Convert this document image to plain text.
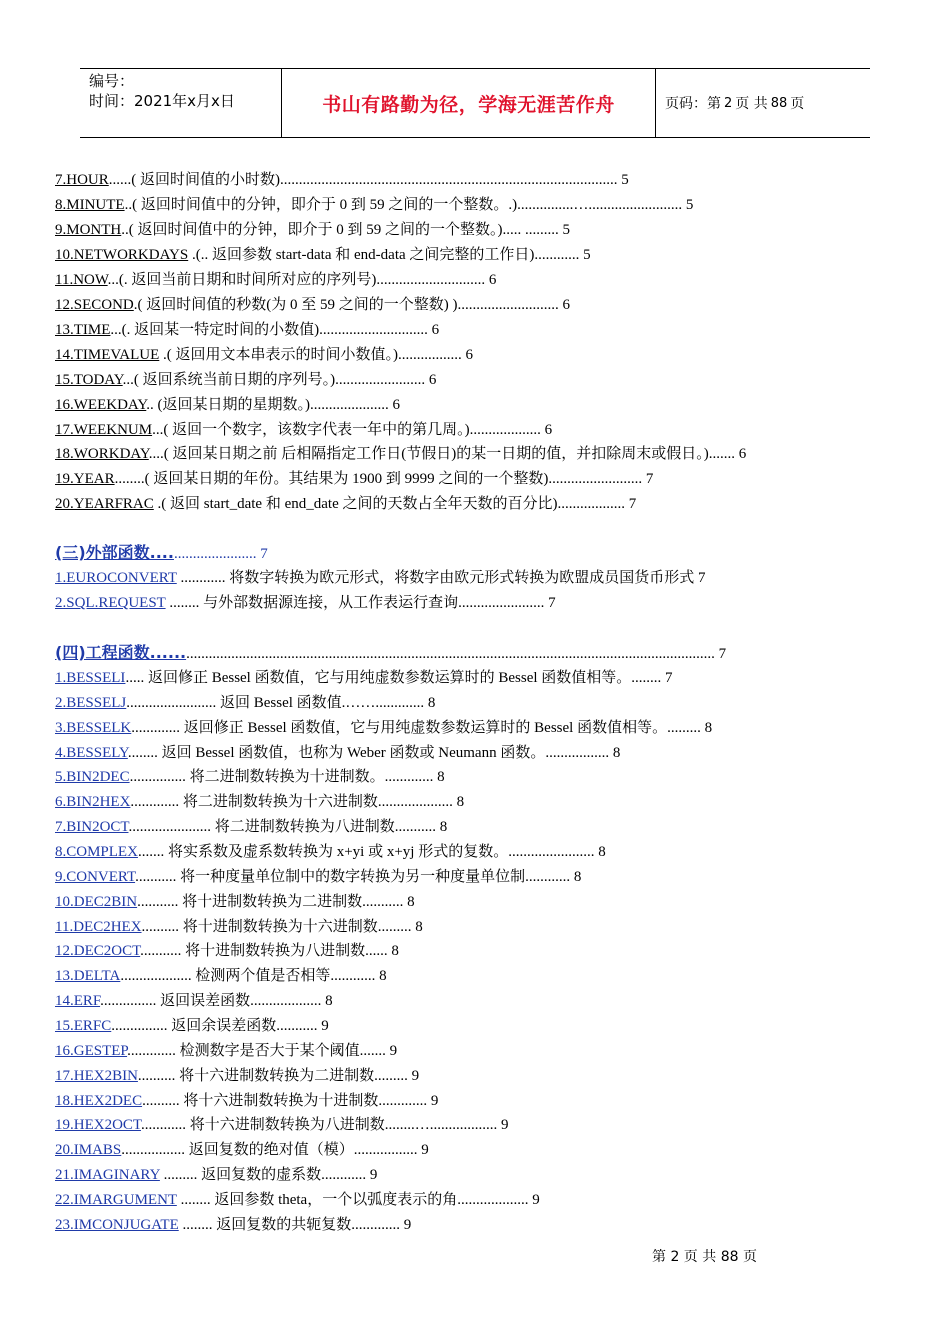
编号：
时间：2021年x月x日	书山有路勤为径，学海无涯苦作舟	页码：第 2 页 共 88 页
7.HOUR......( 返回时间值的小时数).......................................................................................... 5
8.MINUTE..( 返回时间值中的分钟，即介于 0 到 59 之间的一个整数。.)...............…......................... 5
9.MONTH..( 返回时间值中的分钟，即介于 0 到 59 之间的一个整数。)..... ......... 5
10.NETWORKDAYS .(.. 返回参数 start-data 和 end-data 之间完整的工作日)............ 5
11.NOW...(. 返回当前日期和时间所对应的序列号)............................. 6
12.SECOND.( 返回时间值的秒数(为 0 至 59 之间的一个整数) )........................... 6
13.TIME...(. 返回某一特定时间的小数值)............................. 6
14.TIMEVALUE .( 返回用文本串表示的时间小数值。)................. 6
15.TODAY...( 返回系统当前日期的序列号。)........................ 6
16.WEEKDAY.. (返回某日期的星期数。)..................... 6
17.WEEKNUM...( 返回一个数字，该数字代表一年中的第几周。)................... 6
18.WORKDAY....( 返回某日期之前 后相隔指定工作日(节假日)的某一日期的值，并扣除周末或假日。)....... 6
19.YEAR........( 返回某日期的年份。其结果为 1900 到 9999 之间的一个整数)......................... 7
20.YEARFRAC .( 返回 start_date 和 end_date 之间的天数占全年天数的百分比).................. 7
(三)外部函数.......................... 7
1.EUROCONVERT ............ 将数字转换为欧元形式，将数字由欧元形式转换为欧盟成员国货币形式 7
2.SQL.REQUEST ........ 与外部数据源连接，从工作表运行查询....................... 7
(四)工程函数................................................................................................................................................... 7
1.BESSELI..... 返回修正 Bessel 函数值，它与用纯虚数参数运算时的 Bessel 函数值相等。........ 7
2.BESSELJ........................ 返回 Bessel 函数值.……............. 8
3.BESSELK............. 返回修正 Bessel 函数值，它与用纯虚数参数运算时的 Bessel 函数值相等。......... 8
4.BESSELY........ 返回 Bessel 函数值，也称为 Weber 函数或 Neumann 函数。................. 8
5.BIN2DEC............... 将二进制数转换为十进制数。............. 8
6.BIN2HEX............. 将二进制数转换为十六进制数.................... 8
7.BIN2OCT...................... 将二进制数转换为八进制数........... 8
8.COMPLEX....... 将实系数及虚系数转换为 x+yi 或 x+yj 形式的复数。....................... 8
9.CONVERT........... 将一种度量单位制中的数字转换为另一种度量单位制............ 8
10.DEC2BIN........... 将十进制数转换为二进制数........... 8
11.DEC2HEX.......... 将十进制数转换为十六进制数......... 8
12.DEC2OCT........... 将十进制数转换为八进制数...... 8
13.DELTA................... 检测两个值是否相等............ 8
14.ERF............... 返回误差函数................... 8
15.ERFC............... 返回余误差函数........... 9
16.GESTEP............. 检测数字是否大于某个阈值....... 9
17.HEX2BIN.......... 将十六进制数转换为二进制数......... 9
18.HEX2DEC.......... 将十六进制数转换为十进制数............. 9
19.HEX2OCT............ 将十六进制数转换为八进制数........….................. 9
20.IMABS................. 返回复数的绝对值（模）................. 9
21.IMAGINARY ......... 返回复数的虚系数............ 9
22.IMARGUMENT ........ 返回参数 theta，一个以弧度表示的角................... 9
23.IMCONJUGATE ........ 返回复数的共轭复数............. 9
第 2 页 共 88 页
